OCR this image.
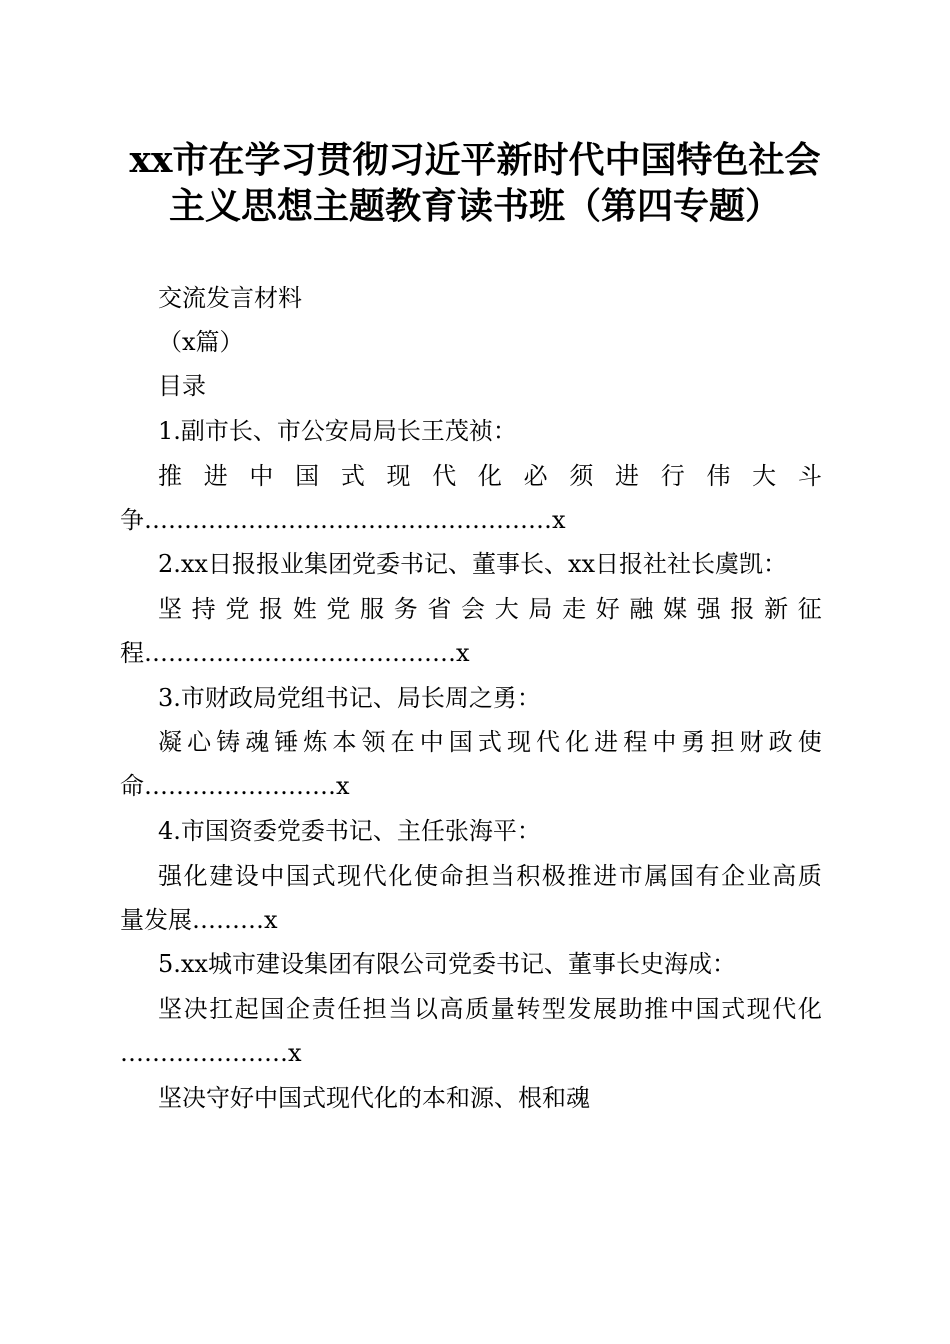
xx市在学习贯彻习近平新时代中国特色社会
主义思想主题教育读书班（第四专题）
交流发言材料
（x篇）
目录
1.副市长、市公安局局长王茂祯：
推 进 中 国 式 现 代 化 必 须 进 行 伟 大 斗
争……………………………………………x
2.xx日报报业集团党委书记、董事长、xx日报社社长虞凯：
坚 持 党 报 姓 党 服 务 省 会 大 局 走 好 融 媒 强 报 新 征
程…………………………………x
3.市财政局党组书记、局长周之勇：
凝 心 铸 魂 锤 炼 本 领 在 中 国 式 现 代 化 进 程 中 勇 担 财 政 使
命……………………x
4.市国资委党委书记、主任张海平：
强 化 建 设 中 国 式 现 代 化 使 命 担 当 积 极 推 进 市 属 国 有 企 业 高 质
量发展………x
5.xx城市建设集团有限公司党委书记、董事长史海成：
坚 决 扛 起 国 企 责 任 担 当 以 高 质 量 转 型 发 展 助 推 中 国 式 现 代 化
…………………x
坚决守好中国式现代化的本和源、根和魂
